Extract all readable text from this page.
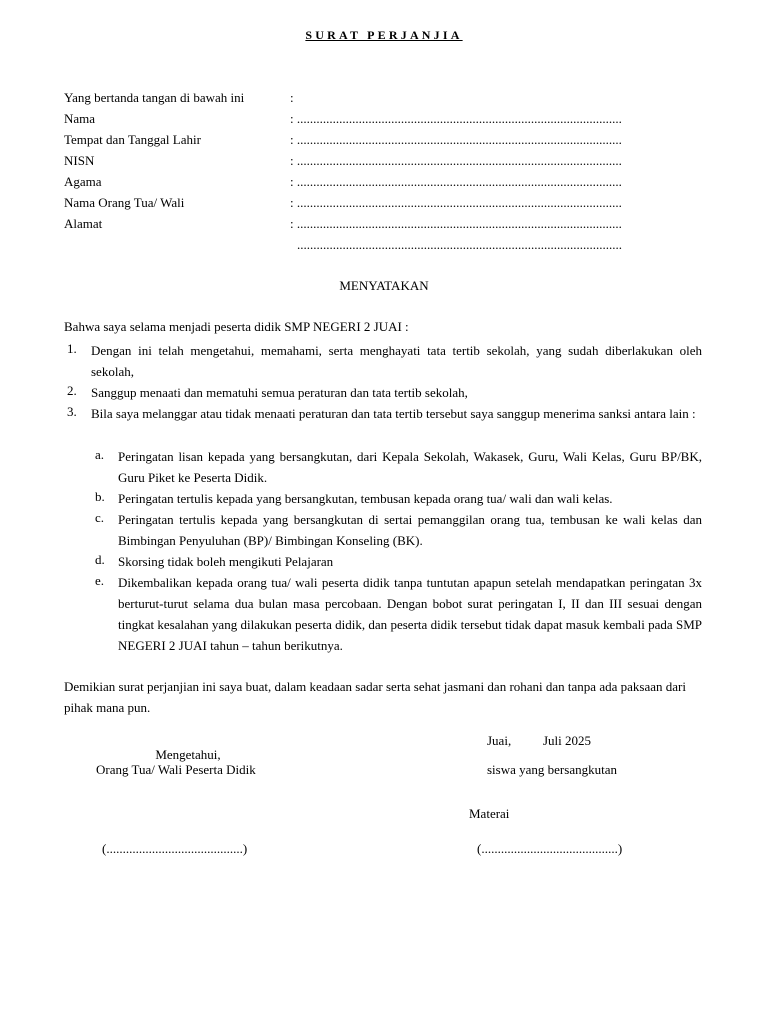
SURAT PERJANJIA
Yang bertanda tangan di bawah ini	:
Nama	: ....................................................................................................
Tempat dan Tanggal Lahir	: ....................................................................................................
NISN	: ....................................................................................................
Agama	: ....................................................................................................
Nama Orang Tua/ Wali	: ....................................................................................................
Alamat	: ....................................................................................................
....................................................................................................
MENYATAKAN
Bahwa saya selama menjadi peserta didik SMP NEGERI 2 JUAI :
1. Dengan ini telah mengetahui, memahami, serta menghayati tata tertib sekolah, yang sudah diberlakukan oleh sekolah,
2. Sanggup menaati dan mematuhi semua peraturan dan tata tertib sekolah,
3. Bila saya melanggar atau tidak menaati peraturan dan tata tertib tersebut saya sanggup menerima sanksi antara lain :
a. Peringatan lisan kepada yang bersangkutan, dari Kepala Sekolah, Wakasek, Guru, Wali Kelas, Guru BP/BK, Guru Piket ke Peserta Didik.
b. Peringatan tertulis kepada yang bersangkutan, tembusan kepada orang tua/ wali dan wali kelas.
c. Peringatan tertulis kepada yang bersangkutan di sertai pemanggilan orang tua, tembusan ke wali kelas dan Bimbingan Penyuluhan (BP)/ Bimbingan Konseling (BK).
d. Skorsing tidak boleh mengikuti Pelajaran
e. Dikembalikan kepada orang tua/ wali peserta didik tanpa tuntutan apapun setelah mendapatkan peringatan 3x berturut-turut selama dua bulan masa percobaan. Dengan bobot surat peringatan I, II dan III sesuai dengan tingkat kesalahan yang dilakukan peserta didik, dan peserta didik tersebut tidak dapat masuk kembali pada SMP NEGERI 2 JUAI tahun – tahun berikutnya.
Demikian surat perjanjian ini saya buat, dalam keadaan sadar serta sehat jasmani dan rohani dan tanpa ada paksaan dari pihak mana pun.
Juai, Juli 2025
Mengetahui,
Orang Tua/ Wali Peserta Didik	siswa yang bersangkutan
Materai
(..........................................)	(..........................................)
